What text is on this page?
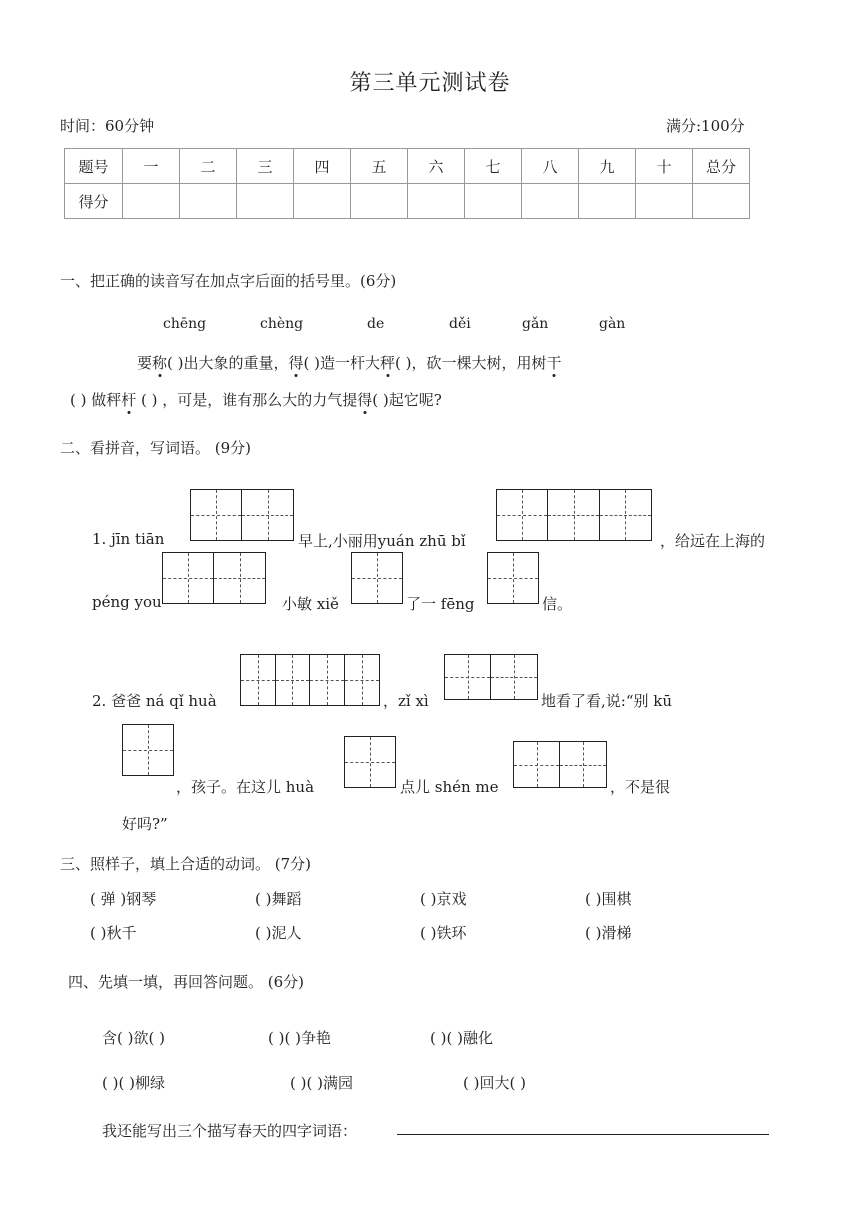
第三单元测试卷
时间：60分钟	满分:100分
题号	一	二	三	四	五	六	七	八	九	十	总分
得分											
一、把正确的读音写在加点字后面的括号里。(6分)
chēng	chèng	de	děi	gǎn	gàn
要称( )出大象的重量，得( )造一杆大秤( )，砍一棵大树，用树干
( ) 做秤杆 ( ) ，可是，谁有那么大的力气提得( )起它呢?
二、看拼音，写词语。 (9分)
1. jīn tiān	早上,小丽用yuán zhū bǐ	，给远在上海的
péng you	小敏 xiě	了一 fēng	信。
2. 爸爸 ná qǐ huà	，zǐ xì	地看了看,说:“别 kū
，孩子。在这儿 huà	点儿 shén me	，不是很
好吗?”
三、照样子，填上合适的动词。 (7分)
( 弹 )钢琴	( )舞蹈	( )京戏	( )围棋
( )秋千	( )泥人	( )铁环	( )滑梯
四、先填一填，再回答问题。 (6分)
含( )欲( )	( )( )争艳	( )( )融化
( )( )柳绿	( )( )满园	( )回大( )
我还能写出三个描写春天的四字词语：
